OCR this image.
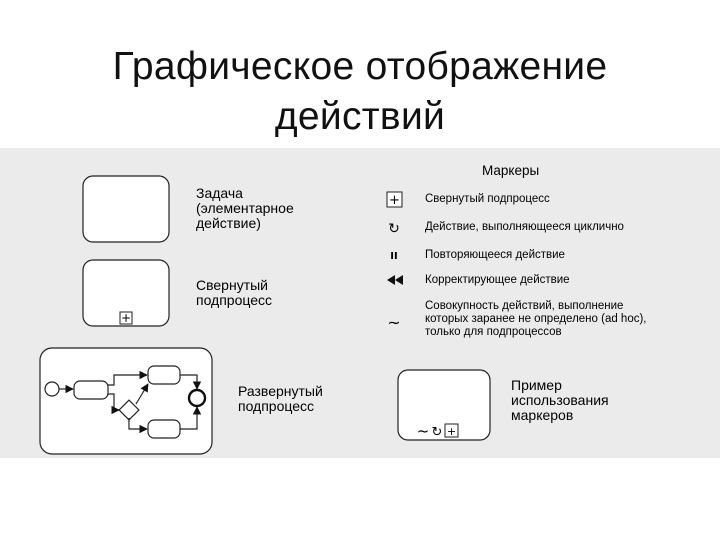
Графическое отображение
действий
+
+
↻
II
~
~ ↻ +
Задача
(элементарное
действие)
Свернутый
подпроцесс
Развернутый
подпроцесс
Пример
использования
маркеров
Маркеры
Свернутый подпроцесс
Действие, выполняющееся циклично
Повторяющееся действие
Корректирующее действие
Совокупность действий, выполнение
которых заранее не определено (ad hoc),
только для подпроцессов
